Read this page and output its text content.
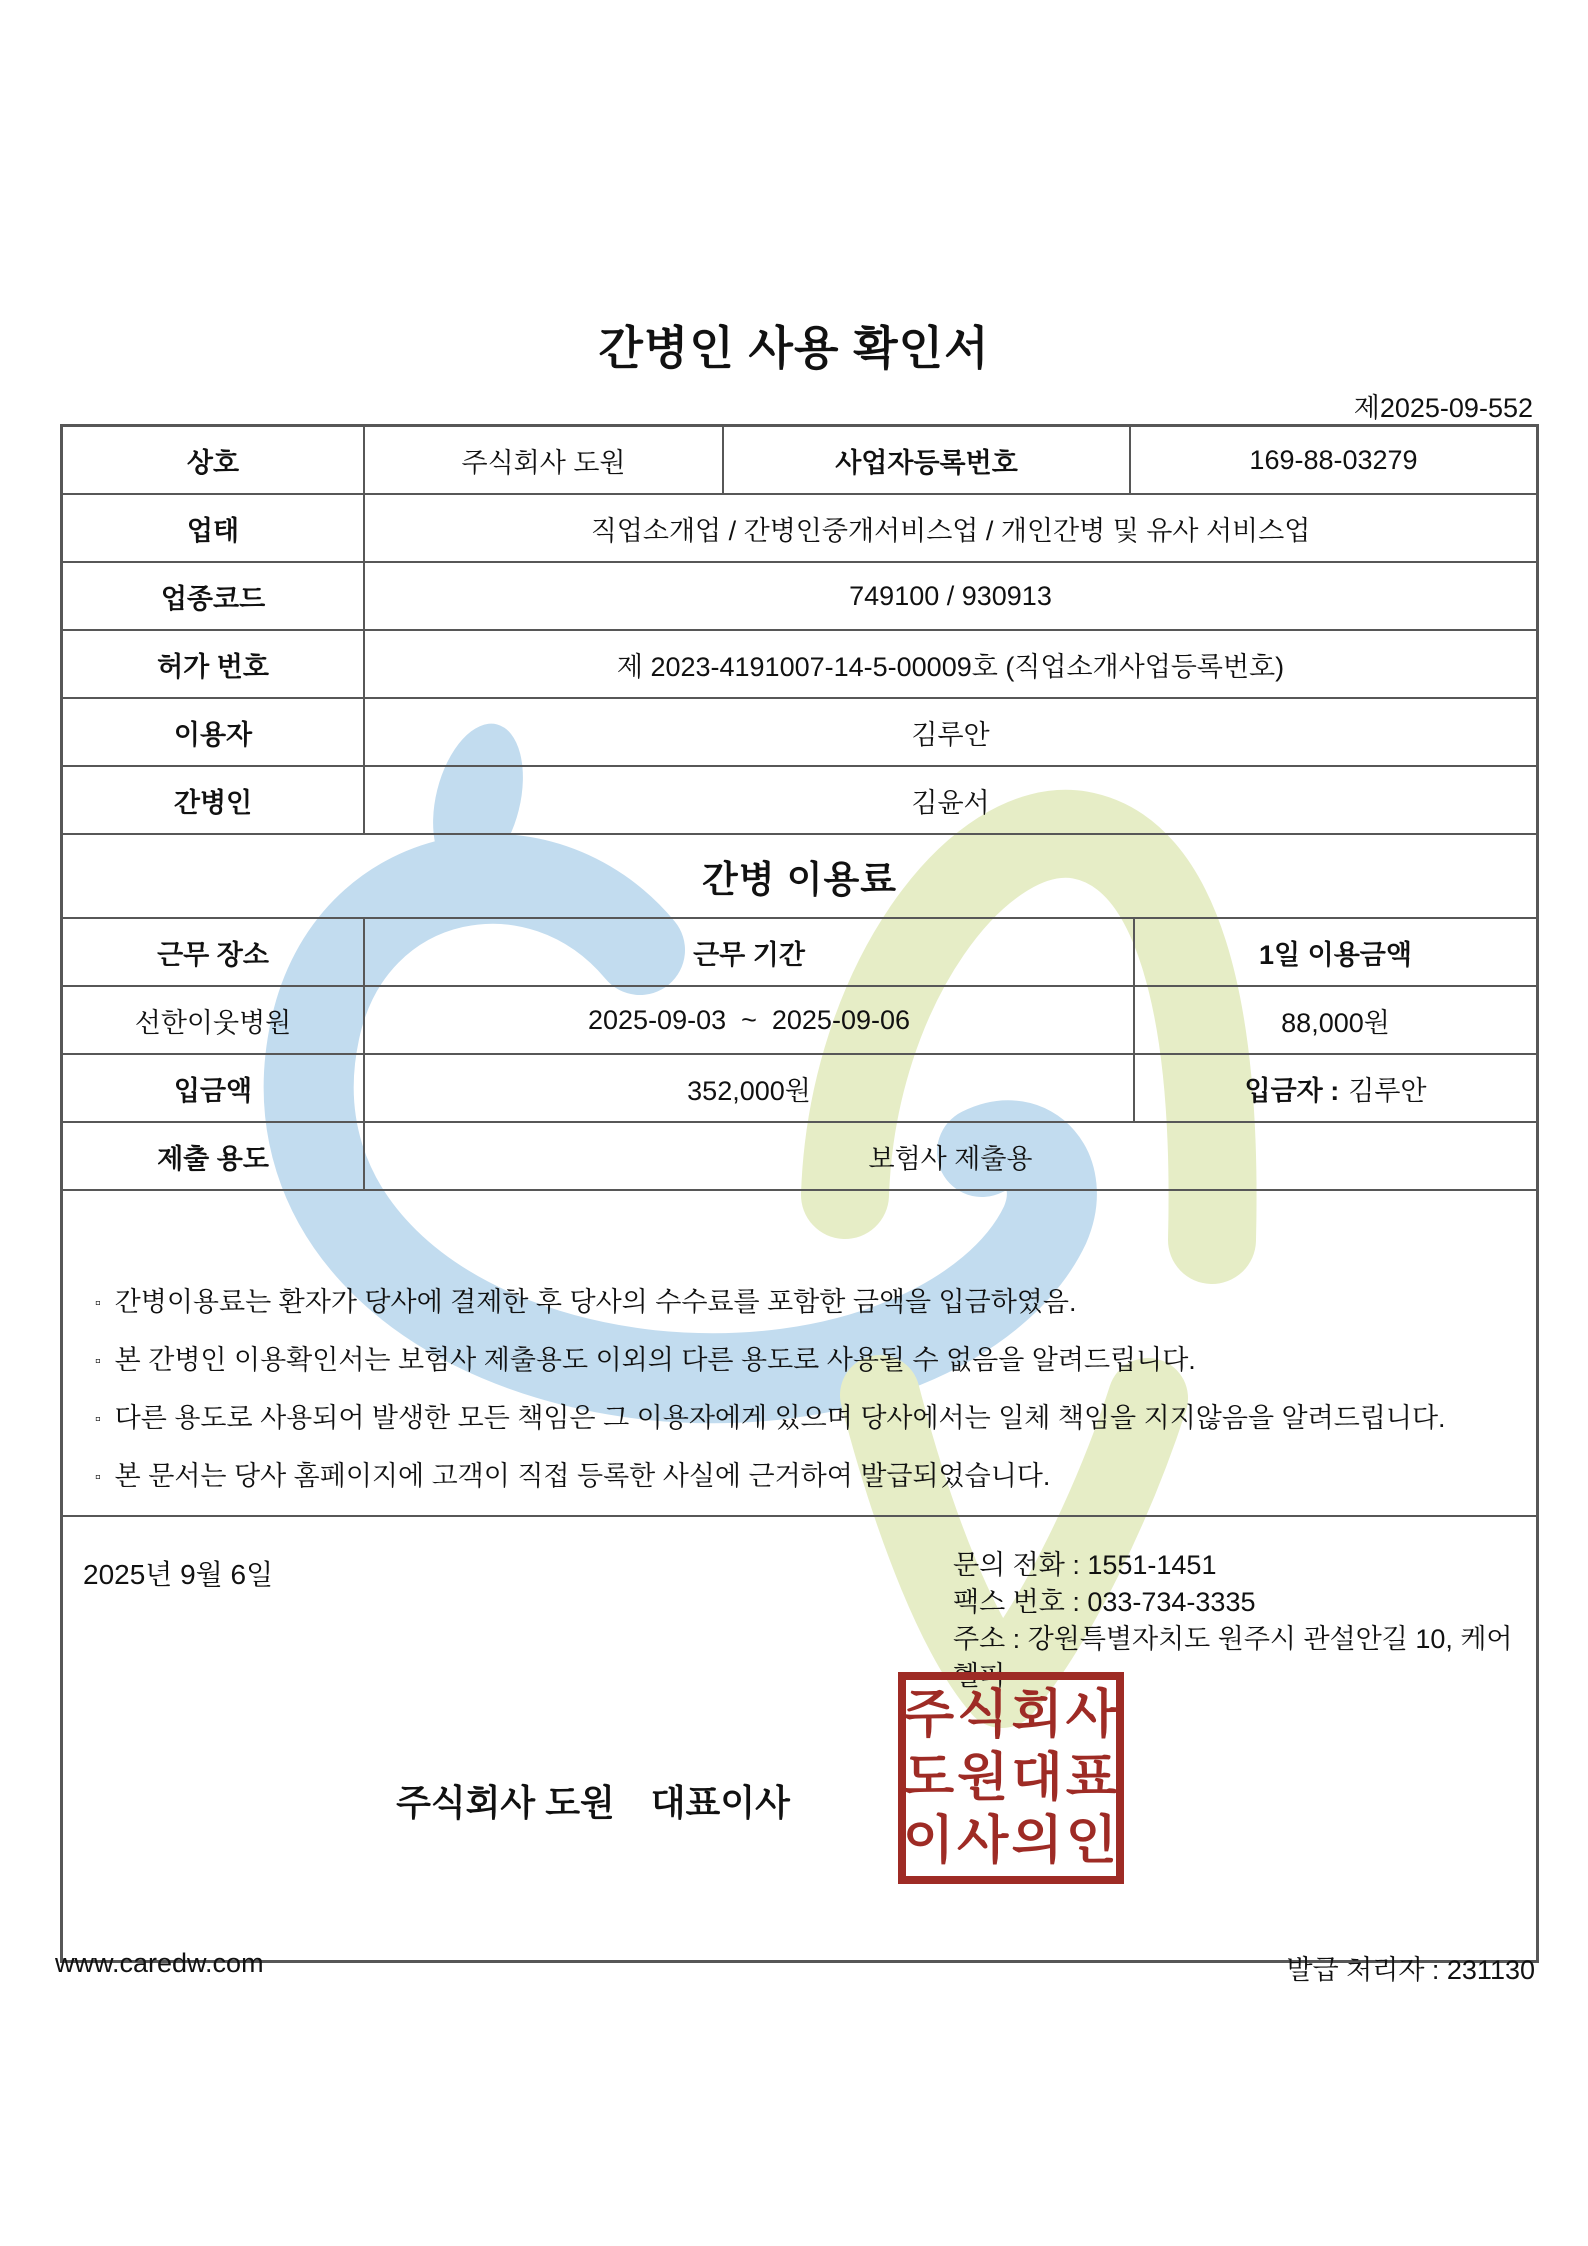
간병인 사용 확인서
제2025-09-552
상호	주식회사 도원	사업자등록번호	169-88-03279
업태	직업소개업 / 간병인중개서비스업 / 개인간병 및 유사 서비스업
업종코드	749100 / 930913
허가 번호	제 2023-4191007-14-5-00009호 (직업소개사업등록번호)
이용자	김루안
간병인	김윤서
간병 이용료
근무 장소	근무 기간	1일 이용금액
선한이웃병원	2025-09-03  ~  2025-09-06	88,000원
입금액	352,000원	입금자 : 김루안
제출 용도	보험사 제출용
▫ 간병이용료는 환자가 당사에 결제한 후 당사의 수수료를 포함한 금액을 입금하였음.
▫ 본 간병인 이용확인서는 보험사 제출용도 이외의 다른 용도로 사용될 수 없음을 알려드립니다.
▫ 다른 용도로 사용되어 발생한 모든 책임은 그 이용자에게 있으며 당사에서는 일체 책임을 지지않음을 알려드립니다.
▫ 본 문서는 당사 홈페이지에 고객이 직접 등록한 사실에 근거하여 발급되었습니다.
2025년 9월 6일	문의 전화 : 1551-1451
팩스 번호 : 033-734-3335
주소 : 강원특별자치도 원주시 관설안길 10, 케어헬퍼
주식회사 도원 대표이사
주식회사
도원대표
이사의인
www.caredw.com	발급 처리자 : 231130
